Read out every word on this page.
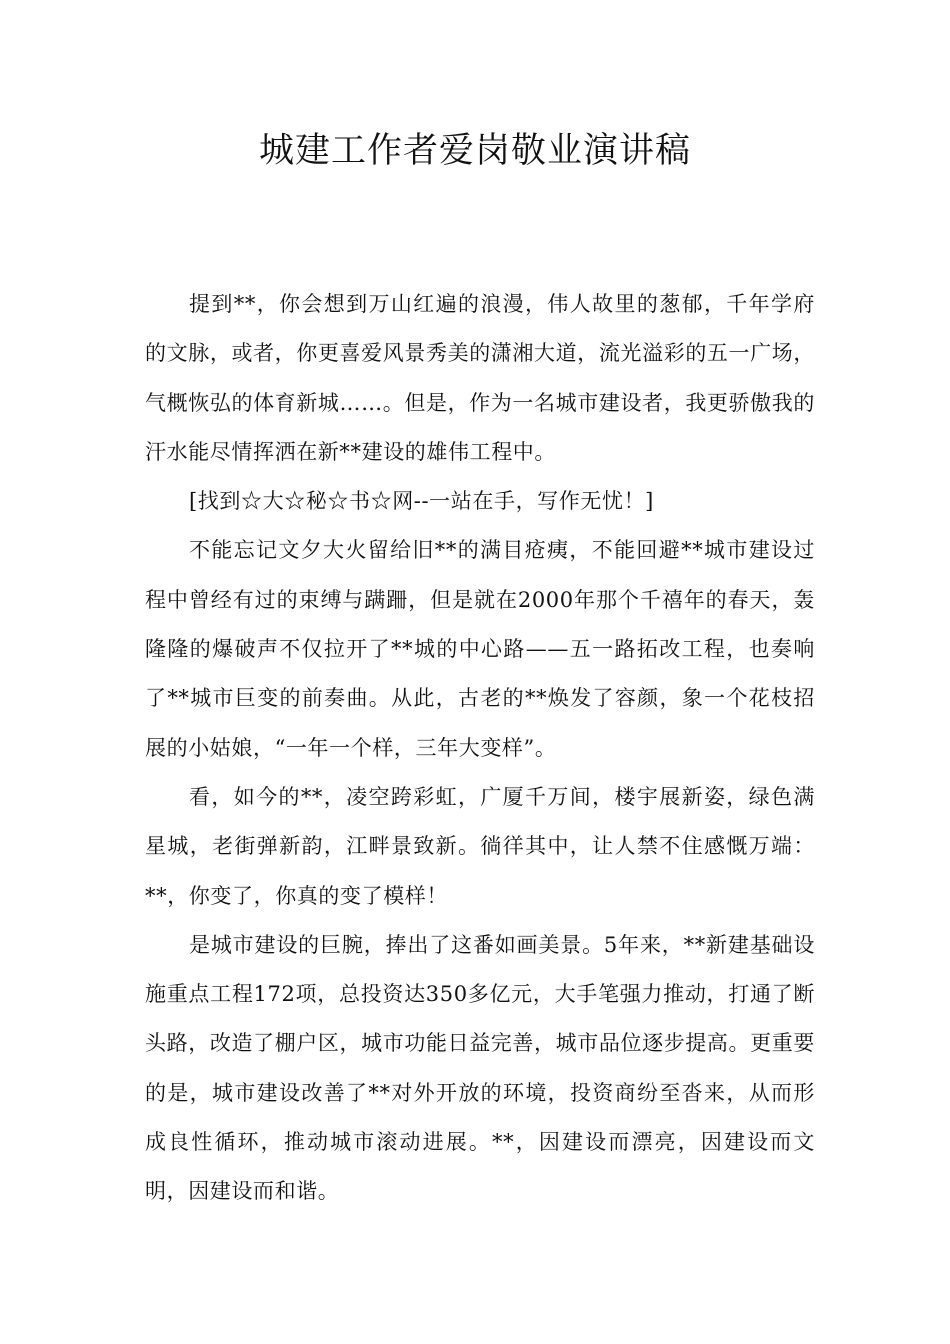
城建工作者爱岗敬业演讲稿

提到**，你会想到万山红遍的浪漫，伟人故里的葱郁，千年学府的文脉，或者，你更喜爱风景秀美的潇湘大道，流光溢彩的五一广场，气概恢弘的体育新城……。但是，作为一名城市建设者，我更骄傲我的汗水能尽情挥洒在新**建设的雄伟工程中。

[找到☆大☆秘☆书☆网--一站在手，写作无忧！]

不能忘记文夕大火留给旧**的满目疮痍，不能回避**城市建设过程中曾经有过的束缚与蹒跚，但是就在2000年那个千禧年的春天，轰隆隆的爆破声不仅拉开了**城的中心路——五一路拓改工程，也奏响了**城市巨变的前奏曲。从此，古老的**焕发了容颜，象一个花枝招展的小姑娘，“一年一个样，三年大变样”。

看，如今的**，凌空跨彩虹，广厦千万间，楼宇展新姿，绿色满星城，老街弹新韵，江畔景致新。徜徉其中，让人禁不住感慨万端：**，你变了，你真的变了模样！

是城市建设的巨腕，捧出了这番如画美景。5年来，**新建基础设施重点工程172项，总投资达350多亿元，大手笔强力推动，打通了断头路，改造了棚户区，城市功能日益完善，城市品位逐步提高。更重要的是，城市建设改善了**对外开放的环境，投资商纷至沓来，从而形成良性循环，推动城市滚动进展。**，因建设而漂亮，因建设而文明，因建设而和谐。
